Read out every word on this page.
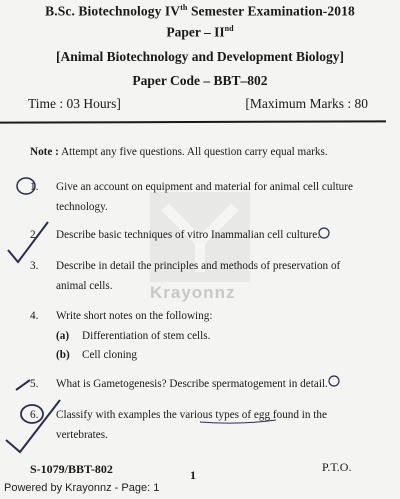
Krayonnz
B.Sc. Biotechnology IVth Semester Examination-2018
Paper – IInd
[Animal Biotechnology and Development Biology]
Paper Code – BBT–802
Time : 03 Hours]	[Maximum Marks : 80
Note : Attempt any five questions. All question carry equal marks.
1. Give an account on equipment and material for animal cell culture technology.
2. Describe basic techniques of vitro Inammalian cell culture.
3. Describe in detail the principles and methods of preservation of animal cells.
4. Write short notes on the following:
(a) Differentiation of stem cells.
(b) Cell cloning
5. What is Gametogenesis? Describe spermatogement in detail.
6. Classify with examples the various types of egg found in the vertebrates.
S-1079/BBT-802	1
P.T.O.
Powered by Krayonnz - Page: 1
